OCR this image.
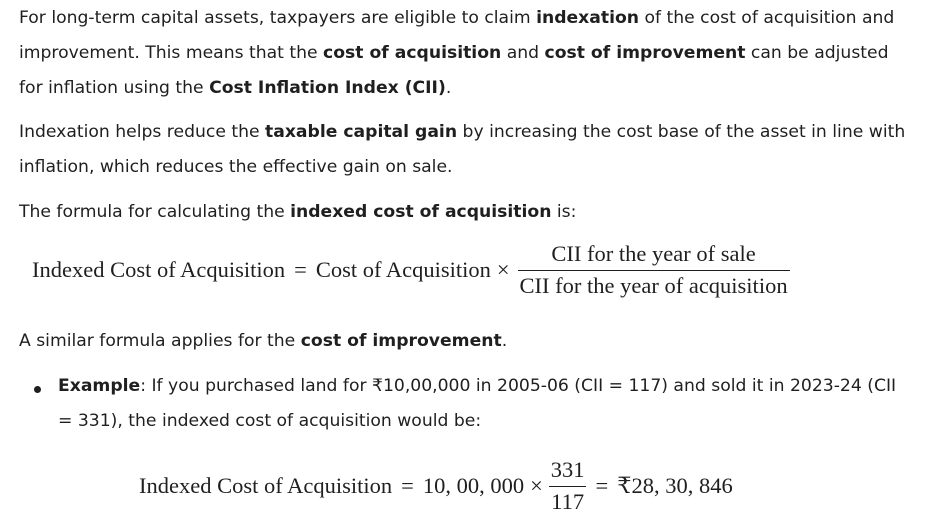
For long-term capital assets, taxpayers are eligible to claim indexation of the cost of acquisition and improvement. This means that the cost of acquisition and cost of improvement can be adjusted for inflation using the Cost Inflation Index (CII).

Indexation helps reduce the taxable capital gain by increasing the cost base of the asset in line with inflation, which reduces the effective gain on sale.

The formula for calculating the indexed cost of acquisition is:

Indexed Cost of Acquisition = Cost of Acquisition × $\frac{\text{CII for the year of sale}}{\text{CII for the year of acquisition}}$

A similar formula applies for the cost of improvement.

Example: If you purchased land for ₹10,00,000 in 2005-06 (CII = 117) and sold it in 2023-24 (CII = 331), the indexed cost of acquisition would be:

Indexed Cost of Acquisition = 10, 00, $000 \times \frac{331}{117}$ = ₹28, 30, 846
